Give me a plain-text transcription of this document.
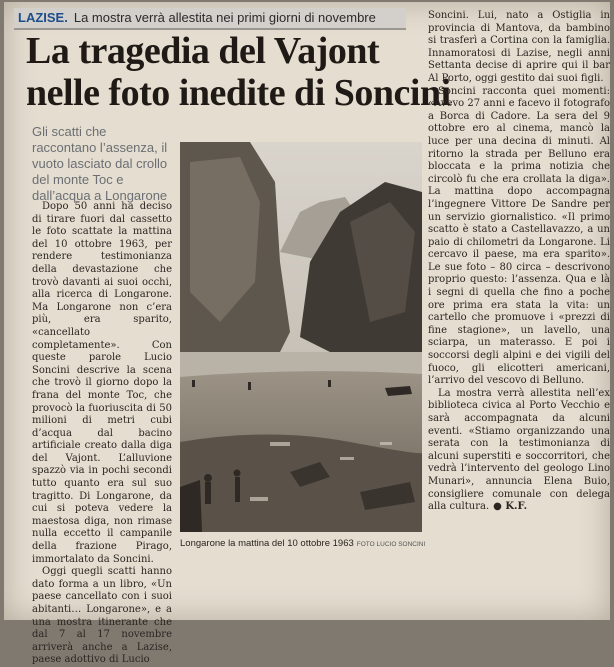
LAZISE. La mostra verrà allestita nei primi giorni di novembre
La tragedia del Vajont
nelle foto inedite di Soncini
Gli scatti che raccontano l’assenza, il vuoto lasciato dal crollo del monte Toc e dall’acqua a Longarone

Dopo 50 anni ha deciso di tirare fuori dal cassetto le foto scattate la mattina del 10 ottobre 1963, per rendere testimonianza della devastazione che trovò davanti ai suoi occhi, alla ricerca di Longarone. Ma Longarone non c’era più, era sparito, «cancellato completamente». Con queste parole Lucio Soncini descrive la scena che trovò il giorno dopo la frana del monte Toc, che provocò la fuoriuscita di 50 milioni di metri cubi d’acqua dal bacino artificiale creato dalla diga del Vajont. L’alluvione spazzò via in pochi secondi tutto quanto era sul suo tragitto. Di Longarone, da cui si poteva vedere la maestosa diga, non rimase nulla eccetto il campanile della frazione Pirago, immortalato da Soncini.

Oggi quegli scatti hanno dato forma a un libro, «Un paese cancellato con i suoi abitanti… Longarone», e a una mostra itinerante che dal 7 al 17 novembre arriverà anche a Lazise, paese adottivo di Lucio

Longarone la mattina del 10 ottobre 1963 FOTO LUCIO SONCINI

Soncini. Lui, nato a Ostiglia in provincia di Mantova, da bambino si trasferì a Cortina con la famiglia. Innamoratosi di Lazise, negli anni Settanta decise di aprire qui il bar Al Porto, oggi gestito dai suoi figli.

Soncini racconta quei momenti: «Avevo 27 anni e facevo il fotografo a Borca di Cadore. La sera del 9 ottobre ero al cinema, mancò la luce per una decina di minuti. Al ritorno la strada per Belluno era bloccata e la prima notizia che circolò fu che era crollata la diga». La mattina dopo accompagna l’ingegnere Vittore De Sandre per un servizio giornalistico. «Il primo scatto è stato a Castellavazzo, a un paio di chilometri da Longarone. Li cercavo il paese, ma era sparito». Le sue foto – 80 circa – descrivono proprio questo: l’assenza. Qua e là i segni di quella che fino a poche ore prima era stata la vita: un cartello che promuove i «prezzi di fine stagione», un lavello, una sciarpa, un materasso. E poi i soccorsi degli alpini e dei vigili del fuoco, gli elicotteri americani, l’arrivo del vescovo di Belluno.

La mostra verrà allestita nell’ex biblioteca civica al Porto Vecchio e sarà accompagnata da alcuni eventi. «Stiamo organizzando una serata con la testimonianza di alcuni superstiti e soccorritori, che vedrà l’intervento del geologo Lino Munari», annuncia Elena Buio, consigliere comunale con delega alla cultura. ● K.F.
